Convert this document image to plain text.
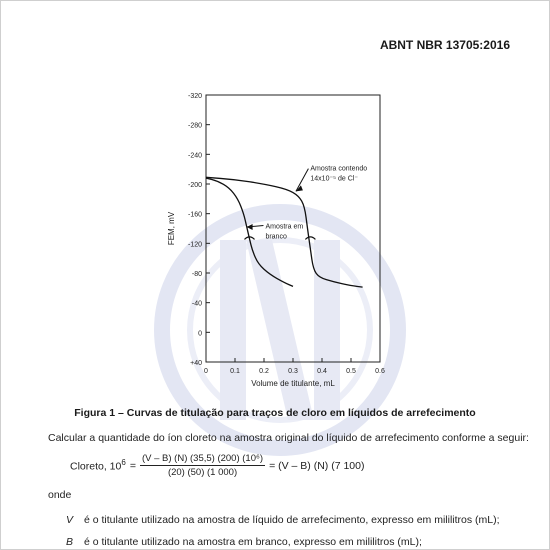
ABNT NBR 13705:2016
-320
-280
-240
-200
-160
-120
-80
-40
0
+40
0	0.1	0.2	0.3	0.4	0.5	0.6
Volume de titulante, mL
FEM, mV
Amostra contendo
14x10⁻⁵ de Cl⁻
Amostra em
branco
Figura 1 – Curvas de titulação para traços de cloro em líquidos de arrefecimento
Calcular a quantidade do íon cloreto na amostra original do líquido de arrefecimento conforme a seguir:
Cloreto, $10^6 = \frac{\text{(V – B) (N) (35,5) (200) (10⁶)}}{(20) (50) (1 000)} = (V - B)$ (N) (7 100)
onde
V é o titulante utilizado na amostra de líquido de arrefecimento, expresso em mililitros (mL);
B é o titulante utilizado na amostra em branco, expresso em mililitros (mL);
